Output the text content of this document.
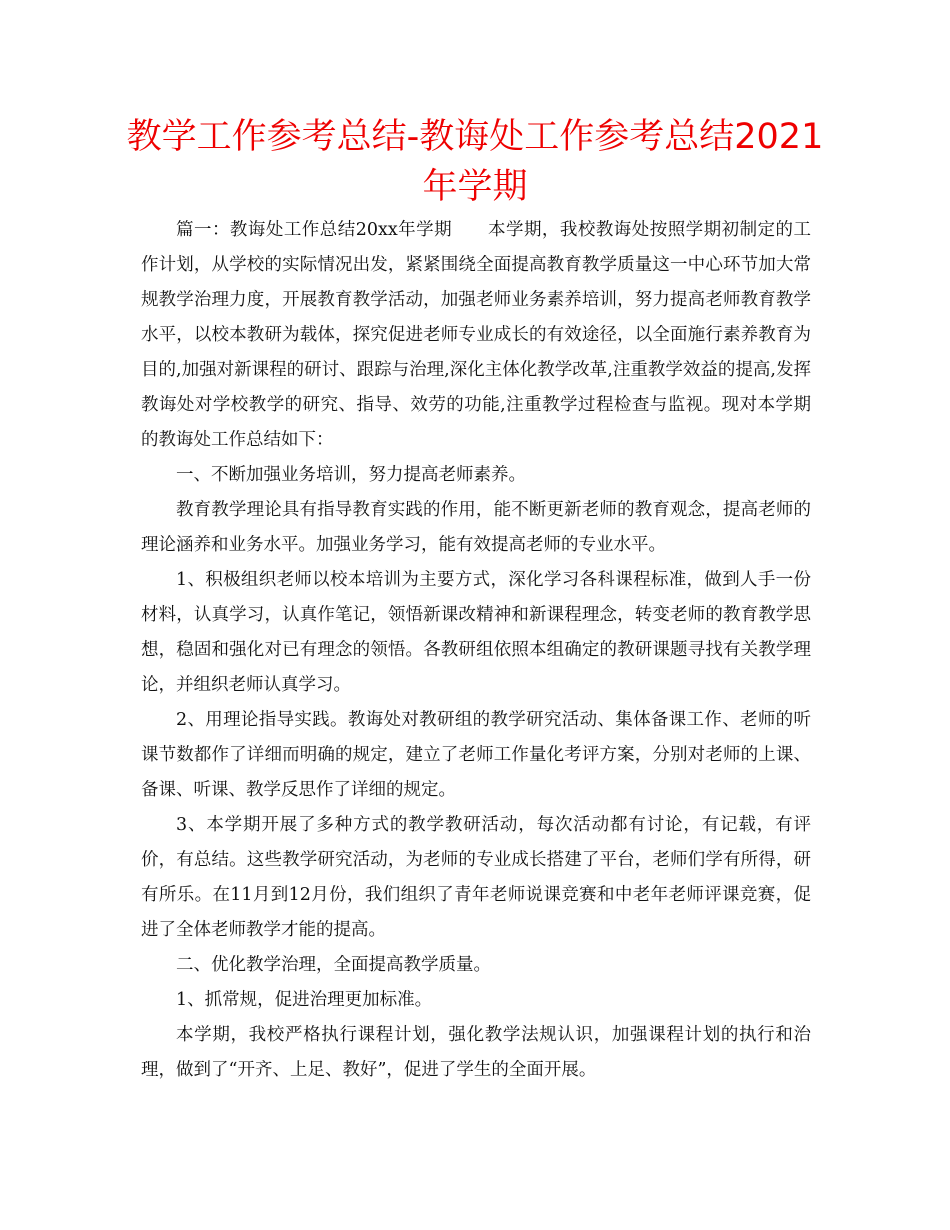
教学工作参考总结-教诲处工作参考总结2021年学期

篇一：教诲处工作总结20xx年学期　　本学期，我校教诲处按照学期初制定的工作计划，从学校的实际情况出发，紧紧围绕全面提高教育教学质量这一中心环节加大常规教学治理力度，开展教育教学活动，加强老师业务素养培训，努力提高老师教育教学水平，以校本教研为载体，探究促进老师专业成长的有效途径，以全面施行素养教育为目的,加强对新课程的研讨、跟踪与治理,深化主体化教学改革,注重教学效益的提高,发挥教诲处对学校教学的研究、指导、效劳的功能,注重教学过程检查与监视。现对本学期的教诲处工作总结如下：

一、不断加强业务培训，努力提高老师素养。

教育教学理论具有指导教育实践的作用，能不断更新老师的教育观念，提高老师的理论涵养和业务水平。加强业务学习，能有效提高老师的专业水平。

1、积极组织老师以校本培训为主要方式，深化学习各科课程标准，做到人手一份材料，认真学习，认真作笔记，领悟新课改精神和新课程理念，转变老师的教育教学思想，稳固和强化对已有理念的领悟。各教研组依照本组确定的教研课题寻找有关教学理论，并组织老师认真学习。

2、用理论指导实践。教诲处对教研组的教学研究活动、集体备课工作、老师的听课节数都作了详细而明确的规定，建立了老师工作量化考评方案，分别对老师的上课、备课、听课、教学反思作了详细的规定。

3、本学期开展了多种方式的教学教研活动，每次活动都有讨论，有记载，有评价，有总结。这些教学研究活动，为老师的专业成长搭建了平台，老师们学有所得，研有所乐。在11月到12月份，我们组织了青年老师说课竞赛和中老年老师评课竞赛，促进了全体老师教学才能的提高。

二、优化教学治理，全面提高教学质量。

1、抓常规，促进治理更加标准。

本学期，我校严格执行课程计划，强化教学法规认识，加强课程计划的执行和治理，做到了“开齐、上足、教好”，促进了学生的全面开展。
